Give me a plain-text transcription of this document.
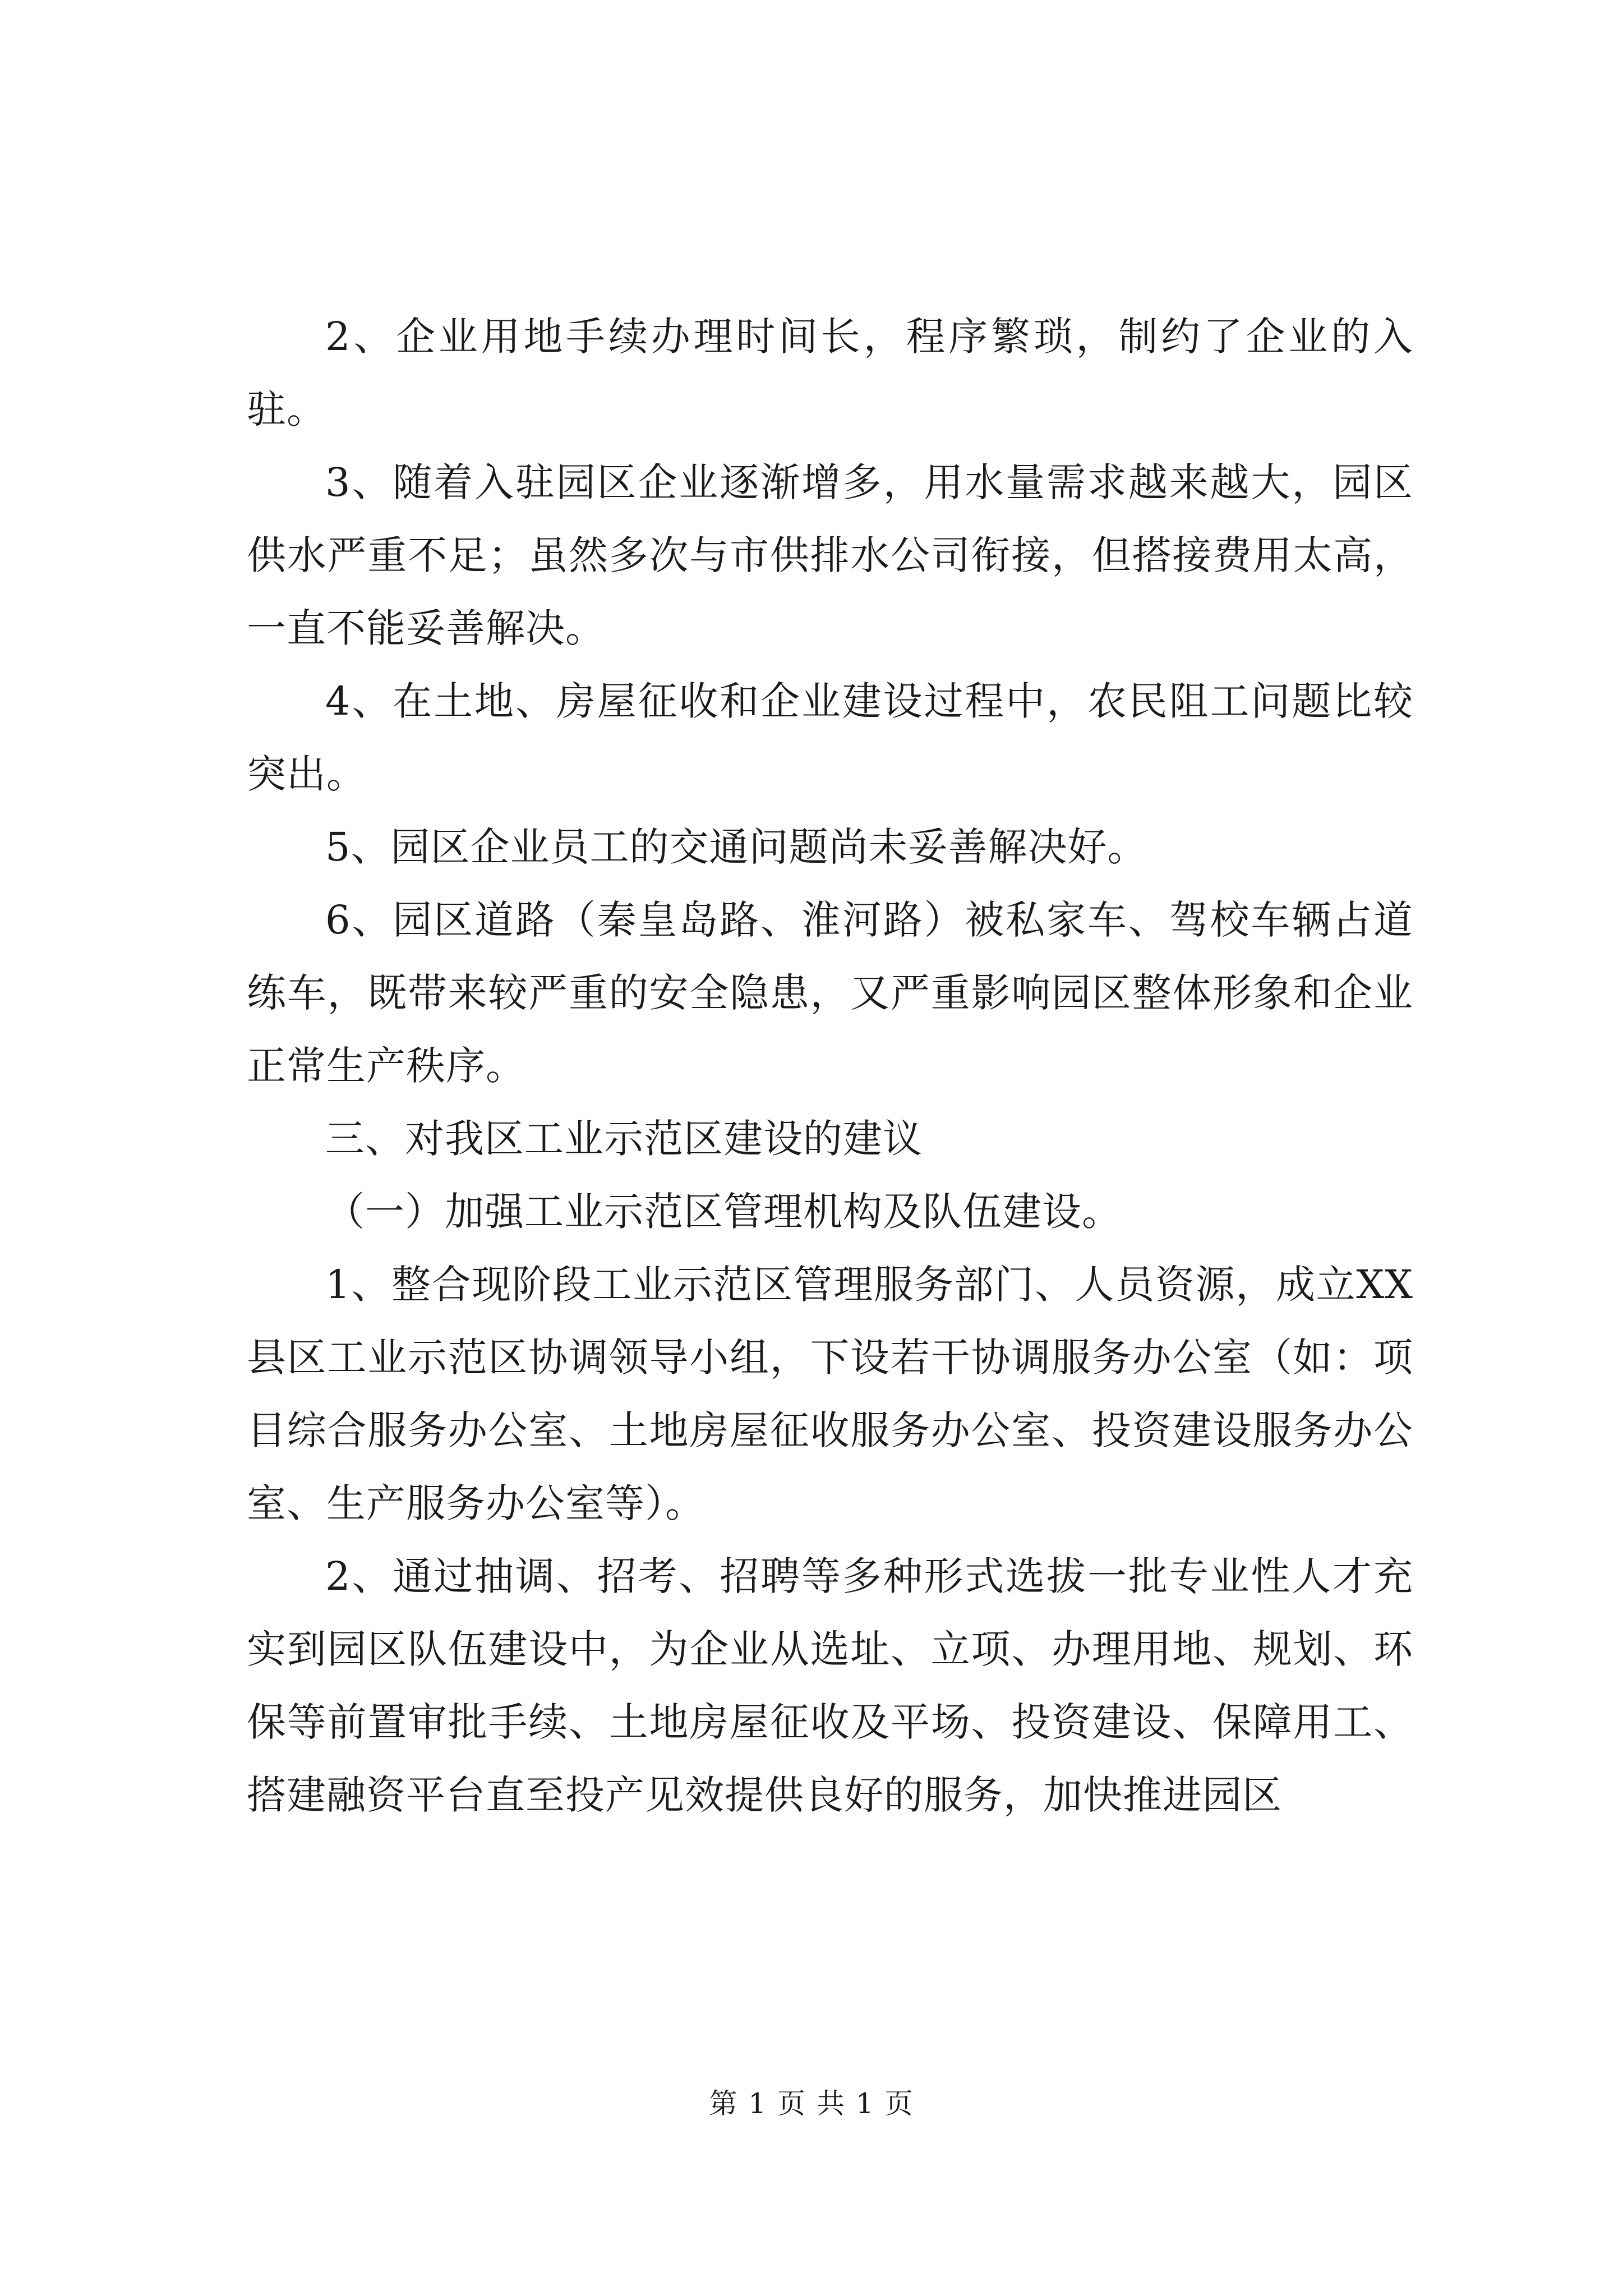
2、企业用地手续办理时间长，程序繁琐，制约了企业的入驻。

3、随着入驻园区企业逐渐增多，用水量需求越来越大，园区供水严重不足；虽然多次与市供排水公司衔接，但搭接费用太高，一直不能妥善解决。

4、在土地、房屋征收和企业建设过程中，农民阻工问题比较突出。

5、园区企业员工的交通问题尚未妥善解决好。

6、园区道路（秦皇岛路、淮河路）被私家车、驾校车辆占道练车，既带来较严重的安全隐患，又严重影响园区整体形象和企业正常生产秩序。

三、对我区工业示范区建设的建议

（一）加强工业示范区管理机构及队伍建设。

1、整合现阶段工业示范区管理服务部门、人员资源，成立XX县区工业示范区协调领导小组，下设若干协调服务办公室（如：项目综合服务办公室、土地房屋征收服务办公室、投资建设服务办公室、生产服务办公室等）。

2、通过抽调、招考、招聘等多种形式选拔一批专业性人才充实到园区队伍建设中，为企业从选址、立项、办理用地、规划、环保等前置审批手续、土地房屋征收及平场、投资建设、保障用工、搭建融资平台直至投产见效提供良好的服务，加快推进园区

第 1 页 共 1 页
